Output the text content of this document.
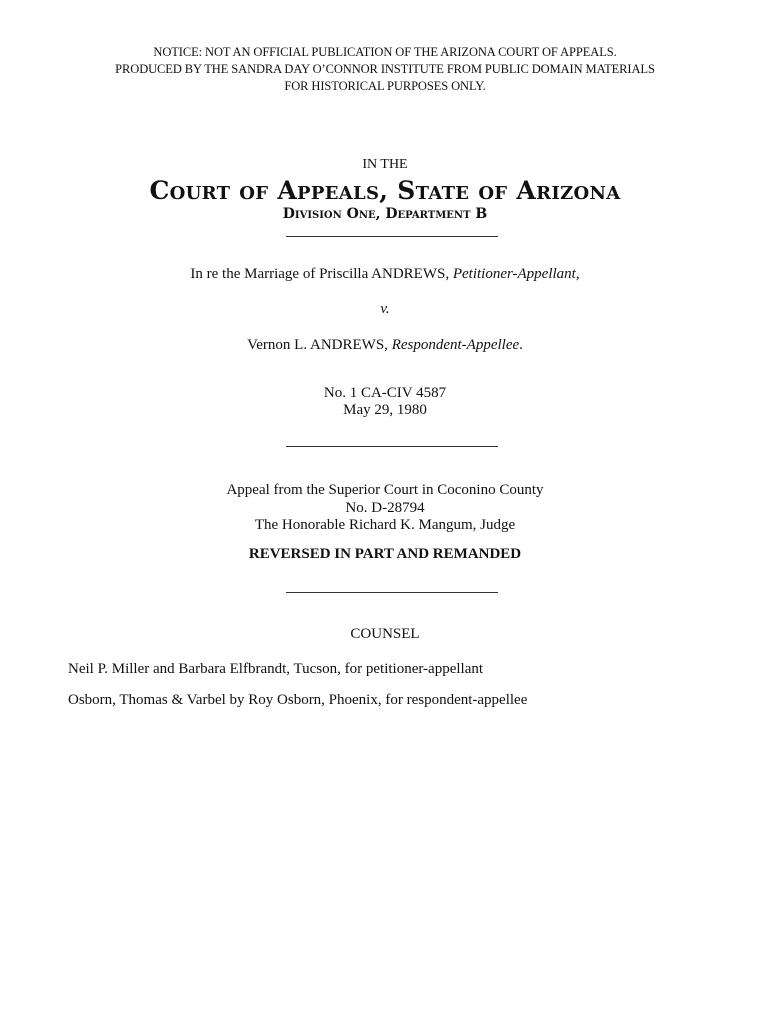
NOTICE: NOT AN OFFICIAL PUBLICATION OF THE ARIZONA COURT OF APPEALS.
PRODUCED BY THE SANDRA DAY O’CONNOR INSTITUTE FROM PUBLIC DOMAIN MATERIALS
FOR HISTORICAL PURPOSES ONLY.
IN THE
Court of Appeals, State of Arizona
Division One, Department B
In re the Marriage of Priscilla ANDREWS, Petitioner-Appellant,
v.
Vernon L. ANDREWS, Respondent-Appellee.
No. 1 CA-CIV 4587
May 29, 1980
Appeal from the Superior Court in Coconino County
No. D-28794
The Honorable Richard K. Mangum, Judge
REVERSED IN PART AND REMANDED
COUNSEL
Neil P. Miller and Barbara Elfbrandt, Tucson, for petitioner-appellant
Osborn, Thomas & Varbel by Roy Osborn, Phoenix, for respondent-appellee
